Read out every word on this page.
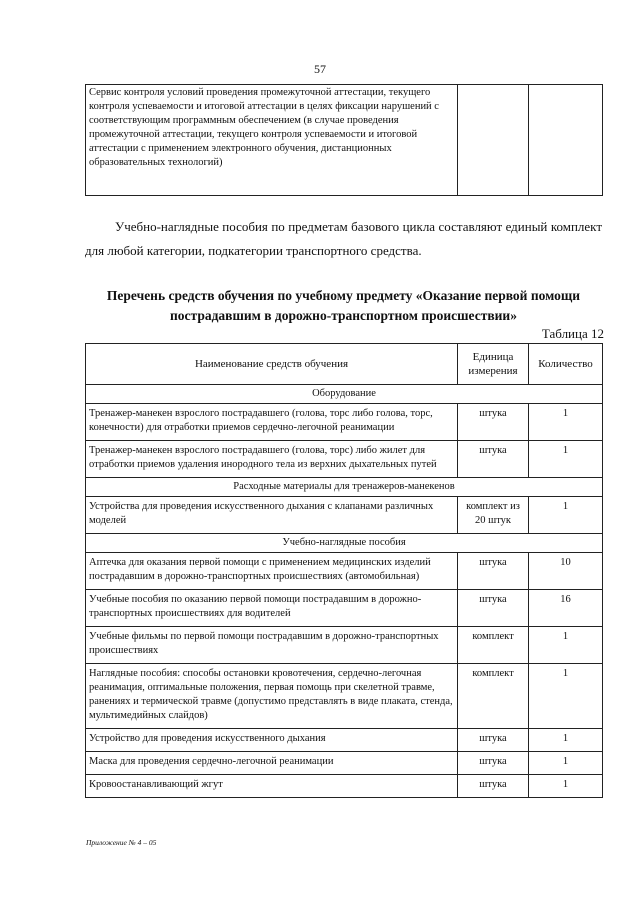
57
Сервис контроля условий проведения промежуточной аттестации, текущего контроля успеваемости и итоговой аттестации в целях фиксации нарушений с соответствующим программным обеспечением (в случае проведения промежуточной аттестации, текущего контроля успеваемости и итоговой аттестации с применением электронного обучения, дистанционных образовательных технологий)		
Учебно-наглядные пособия по предметам базового цикла составляют единый комплект для любой категории, подкатегории транспортного средства.
Перечень средств обучения по учебному предмету «Оказание первой помощи пострадавшим в дорожно-транспортном происшествии»
Таблица 12
Наименование средств обучения	Единица измерения	Количество
Оборудование		
Тренажер-манекен взрослого пострадавшего (голова, торс либо голова, торс, конечности) для отработки приемов сердечно-легочной реанимации	штука	1
Тренажер-манекен взрослого пострадавшего (голова, торс) либо жилет для отработки приемов удаления инородного тела из верхних дыхательных путей	штука	1
Расходные материалы для тренажеров-манекенов		
Устройства для проведения искусственного дыхания с клапанами различных моделей	комплект из 20 штук	1
Учебно-наглядные пособия		
Аптечка для оказания первой помощи с применением медицинских изделий пострадавшим в дорожно-транспортных происшествиях (автомобильная)	штука	10
Учебные пособия по оказанию первой помощи пострадавшим в дорожно-транспортных происшествиях для водителей	штука	16
Учебные фильмы по первой помощи пострадавшим в дорожно-транспортных происшествиях	комплект	1
Наглядные пособия: способы остановки кровотечения, сердечно-легочная реанимация, оптимальные положения, первая помощь при скелетной травме, ранениях и термической травме (допустимо представлять в виде плаката, стенда, мультимедийных слайдов)	комплект	1
Устройство для проведения искусственного дыхания	штука	1
Маска для проведения сердечно-легочной реанимации	штука	1
Кровоостанавливающий жгут	штука	1
Приложение № 4 – 05
